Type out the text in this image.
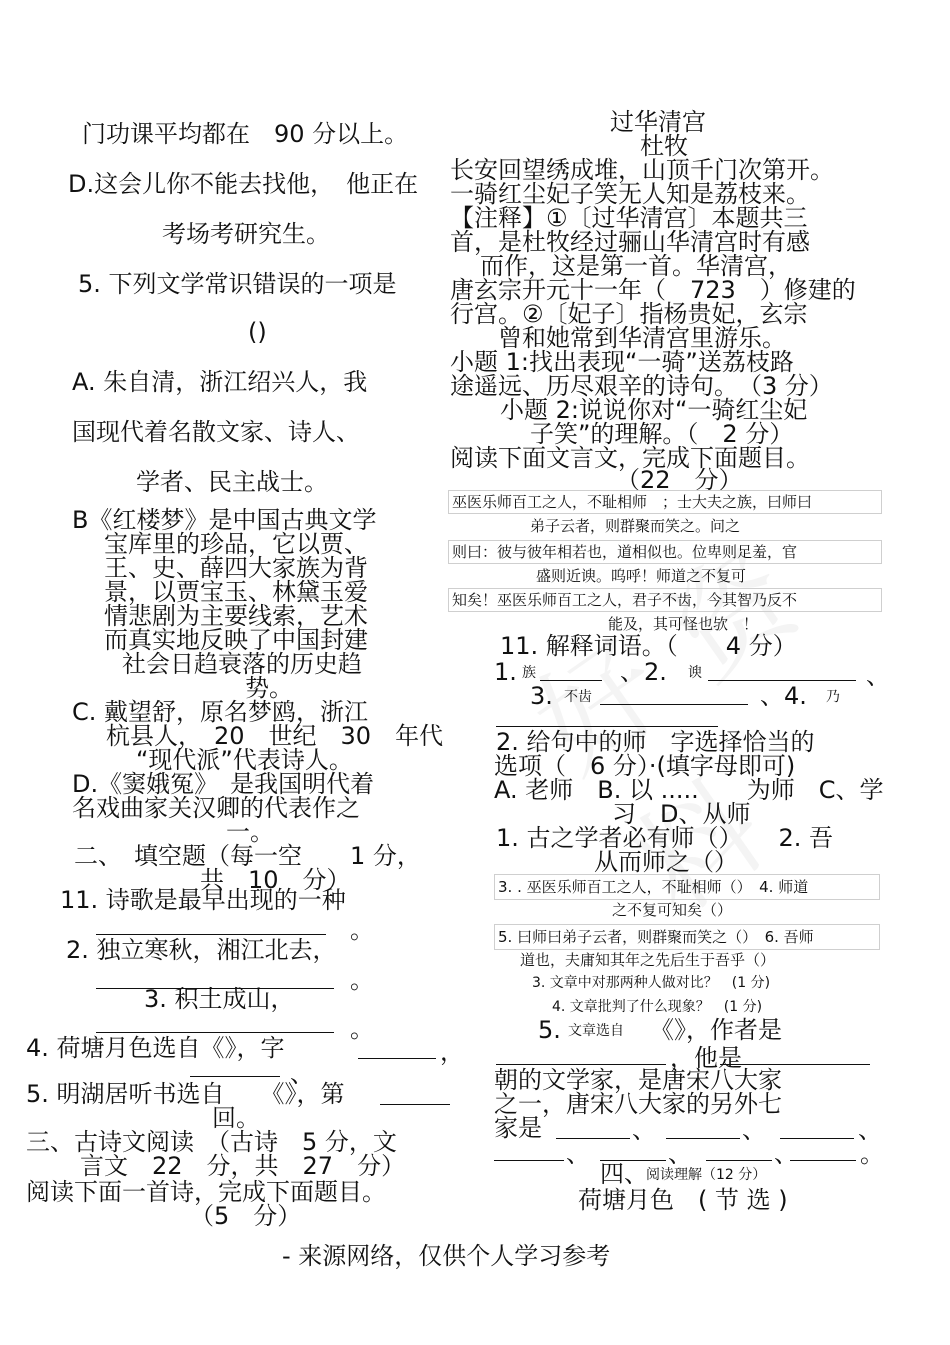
门功课平均都在　90 分以上。
D.这会儿你不能去找他，　他正在
考场考研究生。
5. 下列文学常识错误的一项是
()
A. 朱自清，浙江绍兴人，我
国现代着名散文家、诗人、
学者、民主战士。
B《红楼梦》是中国古典文学
宝库里的珍品，它以贾、
王、史、薛四大家族为背
景，以贾宝玉、林黛玉爱
情悲剧为主要线索，艺术
而真实地反映了中国封建
社会日趋衰落的历史趋
势。
C. 戴望舒，原名梦鸥，浙江
杭县人，　20　世纪　30　年代
“现代派”代表诗人。
D.《窦娥冤》　是我国明代着
名戏曲家关汉卿的代表作之
一。
二、　填空题（每一空　　1 分，
共　10　分）
11. 诗歌是最早出现的一种
。
2. 独立寒秋，湘江北去，
。
3. 积土成山，
。
4. 荷塘月色选自《》，字	，
、
5. 明湖居听书选自　　《》，第
回。
三、古诗文阅读　（古诗　5 分，文
言文　22　分，共　27　分）
阅读下面一首诗，完成下面题目。
（5　分）
过华清宫
杜牧
长安回望绣成堆，山顶千门次第开。
一骑红尘妃子笑无人知是荔枝来。
【注释】①〔过华清宫〕本题共三
首，是杜牧经过骊山华清宫时有感
而作，这是第一首。华清宫，
唐玄宗开元十一年（　723　）修建的
行宫。②〔妃子〕指杨贵妃，玄宗
曾和她常到华清宫里游乐。
小题 1:找出表现“一骑”送荔枝路
途遥远、历尽艰辛的诗句。　（3 分）
小题 2:说说你对“一骑红尘妃
子笑”的理解。（　2 分）
阅读下面文言文，完成下面题目。
（22　分）
巫医乐师百工之人，不耻相师　；士大夫之族，曰师曰
弟子云者，则群聚而笑之。问之
则曰：彼与彼年相若也，道相似也。位卑则足羞，官
盛则近谀。呜呼！师道之不复可
知矣！巫医乐师百工之人，君子不齿，今其智乃反不
能及，其可怪也欤　！
11. 解释词语。（　　4 分）
1. 族	、2. 谀	、
3. 不齿	、4. 乃
2. 给句中的师　字选择恰当的
选项（　6 分）·(填字母即可)
A. 老师　B. 以 .....　　为师　C、学
习　D、从师
1. 古之学者必有师（）　　2. 吾
从而师之（）
3. . 巫医乐师百工之人，不耻相师（）　4. 师道
之不复可知矣（）
5. 曰师曰弟子云者，则群聚而笑之（）　6. 吾师
道也，夫庸知其年之先后生于吾乎（）
3. 文章中对那两种人做对比？　(1 分)
4. 文章批判了什么现象？　(1 分)
5. 文章选自 《》，作者是
，他是
朝的文学家，是唐宋八大家
之一，唐宋八大家的另外七
家是	、	、	、
、	、	、	。
四、
阅读理解（12 分）
荷塘月色　( 节 选 )
- 来源网络，仅供个人学习参考
